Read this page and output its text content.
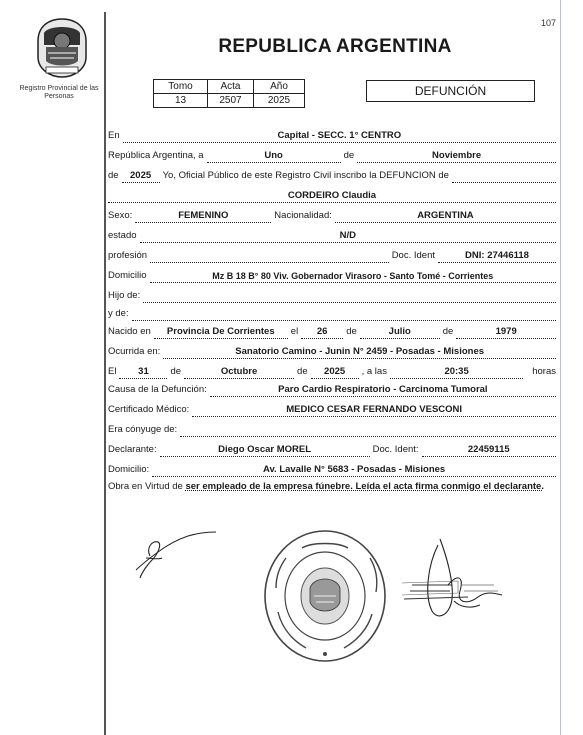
Registro Provincial de las Personas
107
REPUBLICA ARGENTINA
Tomo	Acta	Año
13	2507	2025
DEFUNCIÓN
En	Capital - SECC. 1° CENTRO
República Argentina, a	Uno	de	Noviembre
de	2025	Yo, Oficial Público de este Registro Civil inscribo la DEFUNCION de
CORDEIRO Claudia
Sexo:	FEMENINO	Nacionalidad:	ARGENTINA
estado	N/D
profesión	Doc. Ident	DNI: 27446118
Domicilio	Mz B 18 B° 80 Viv. Gobernador Virasoro - Santo Tomé - Corrientes
Hijo de:
y de:
Nacido en	Provincia De Corrientes	el	26	de	Julio	de	1979
Ocurrida en:	Sanatorio Camino - Junin N° 2459 - Posadas - Misiones
El	31	de	Octubre	de	2025	, a las	20:35	horas
Causa de la Defunción:	Paro Cardio Respiratorio - Carcinoma Tumoral
Certificado Médico:	MEDICO CESAR FERNANDO VESCONI
Era cónyuge de:
Declarante:	Diego Oscar MOREL	Doc. Ident:	22459115
Domicilio:	Av. Lavalle N° 5683 - Posadas - Misiones
Obra en Virtud de ser empleado de la empresa fúnebre. Leída el acta firma conmigo el declarante.
